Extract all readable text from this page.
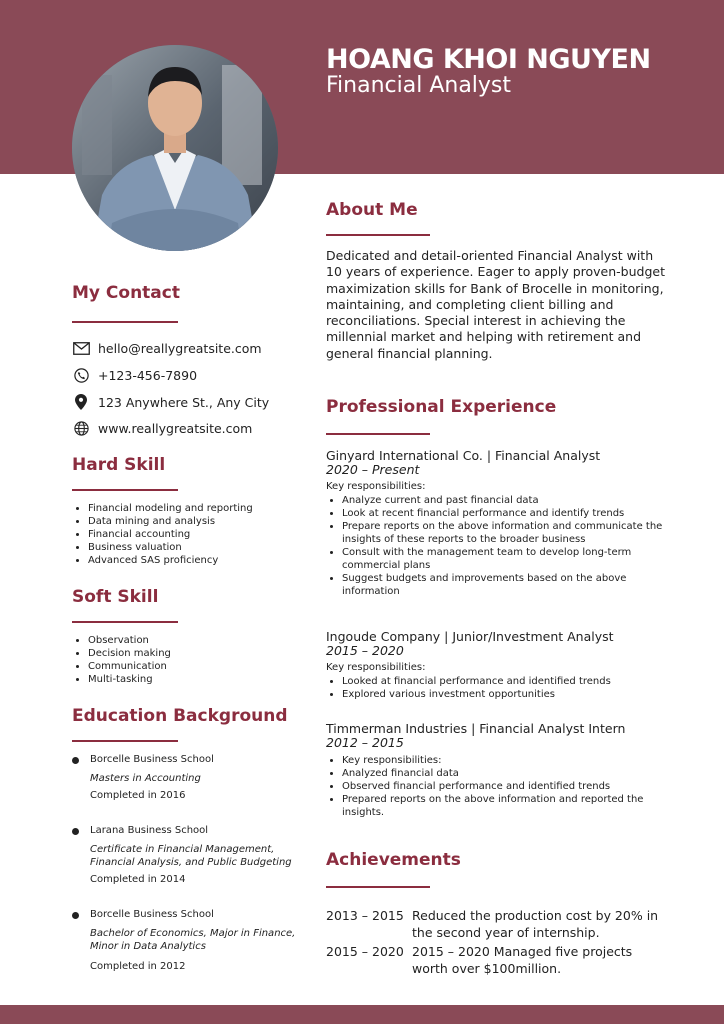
HOANG KHOI NGUYEN
Financial Analyst
My Contact
hello@reallygreatsite.com
+123-456-7890
123 Anywhere St., Any City
www.reallygreatsite.com
Hard Skill
Financial modeling and reporting
Data mining and analysis
Financial accounting
Business valuation
Advanced SAS proficiency
Soft Skill
Observation
Decision making
Communication
Multi-tasking
Education Background
Borcelle Business School
Masters in Accounting
Completed in 2016
Larana Business School
Certificate in Financial Management, Financial Analysis, and Public Budgeting
Completed in 2014
Borcelle Business School
Bachelor of Economics, Major in Finance, Minor in Data Analytics
Completed in 2012
About Me
Dedicated and detail-oriented Financial Analyst with 10 years of experience. Eager to apply proven-budget maximization skills for Bank of Brocelle in monitoring, maintaining, and completing client billing and reconciliations. Special interest in achieving the millennial market and helping with retirement and general financial planning.
Professional Experience
Ginyard International Co. | Financial Analyst
2020 – Present
Key responsibilities:
Analyze current and past financial data
Look at recent financial performance and identify trends
Prepare reports on the above information and communicate the insights of these reports to the broader business
Consult with the management team to develop long-term commercial plans
Suggest budgets and improvements based on the above information
Ingoude Company | Junior/Investment Analyst
2015 – 2020
Key responsibilities:
Looked at financial performance and identified trends
Explored various investment opportunities
Timmerman Industries | Financial Analyst Intern
2012 – 2015
Key responsibilities:
Analyzed financial data
Observed financial performance and identified trends
Prepared reports on the above information and reported the insights.
Achievements
2013 – 2015 Reduced the production cost by 20% in the second year of internship.
2015 – 2020 2015 – 2020 Managed five projects worth over $100million.
